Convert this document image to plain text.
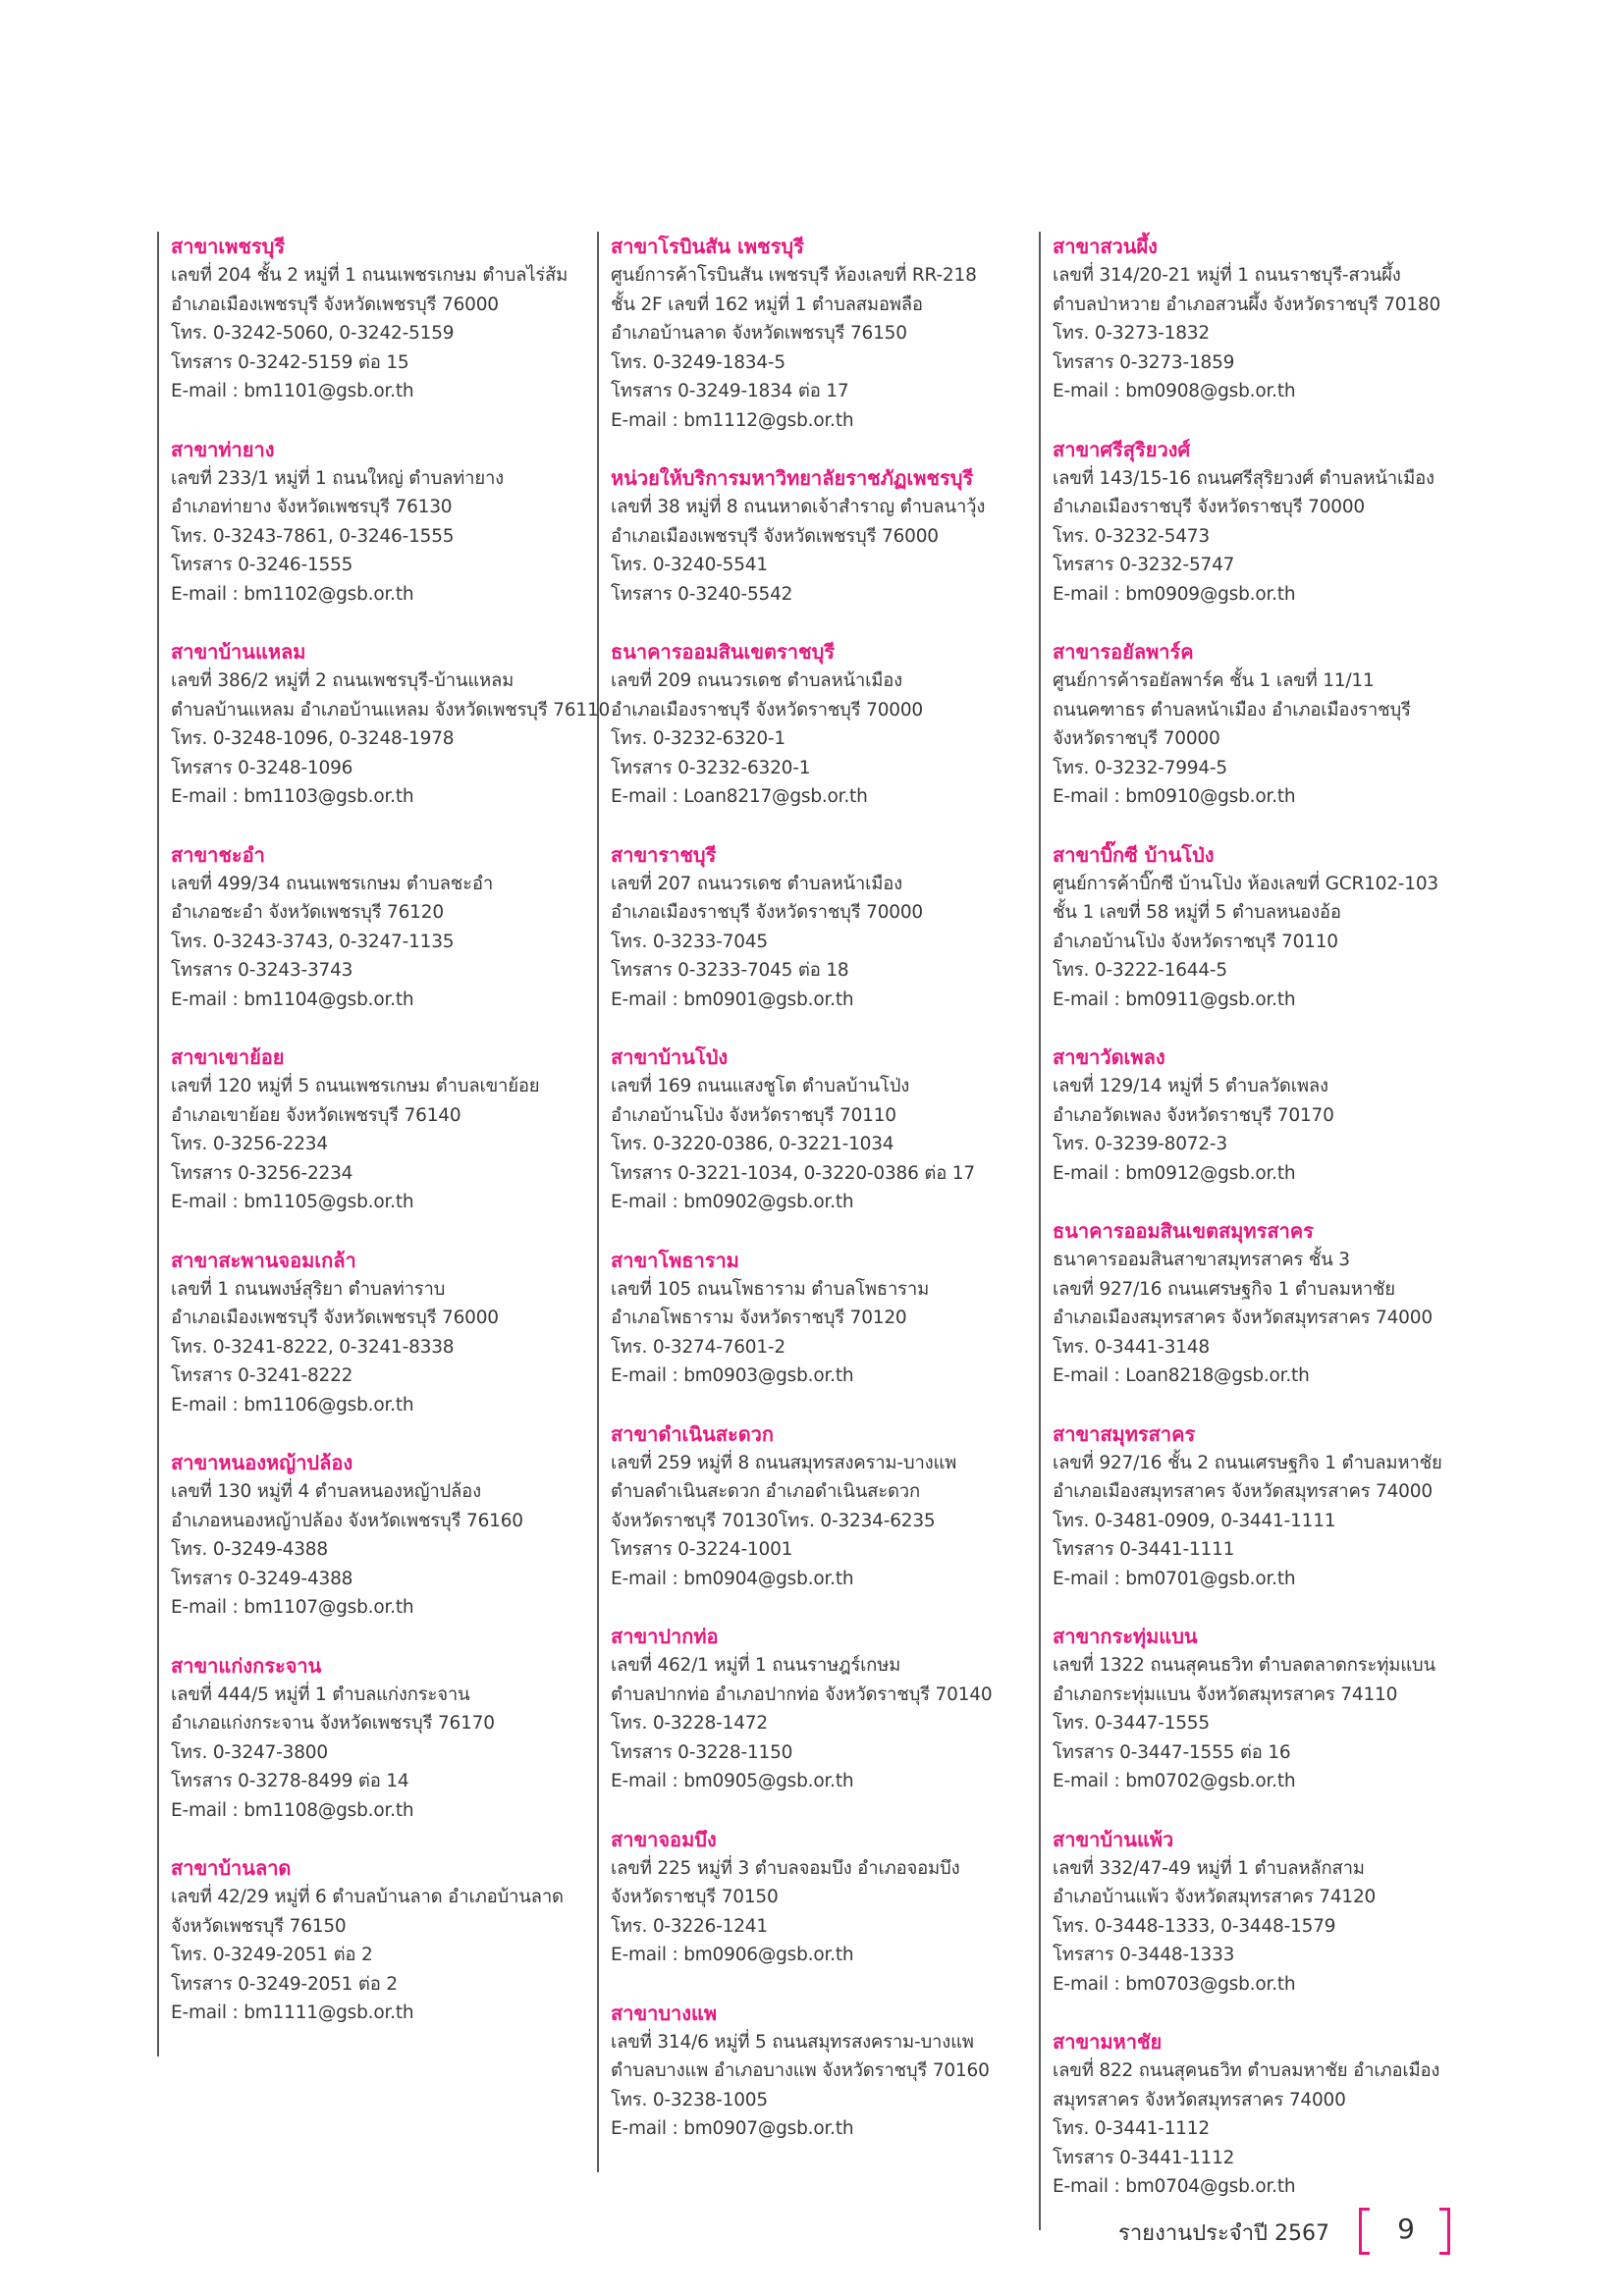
สาขาเพชรบุรี
เลขที่ 204 ชั้น 2 หมู่ที่ 1 ถนนเพชรเกษม ตำบลไร่ส้ม
อำเภอเมืองเพชรบุรี จังหวัดเพชรบุรี 76000
โทร. 0-3242-5060, 0-3242-5159
โทรสาร 0-3242-5159 ต่อ 15
E-mail : bm1101@gsb.or.th
สาขาท่ายาง
เลขที่ 233/1 หมู่ที่ 1 ถนนใหญ่ ตำบลท่ายาง
อำเภอท่ายาง จังหวัดเพชรบุรี 76130
โทร. 0-3243-7861, 0-3246-1555
โทรสาร 0-3246-1555
E-mail : bm1102@gsb.or.th
สาขาบ้านแหลม
เลขที่ 386/2 หมู่ที่ 2 ถนนเพชรบุรี-บ้านแหลม
ตำบลบ้านแหลม อำเภอบ้านแหลม จังหวัดเพชรบุรี 76110
โทร. 0-3248-1096, 0-3248-1978
โทรสาร 0-3248-1096
E-mail : bm1103@gsb.or.th
สาขาชะอำ
เลขที่ 499/34 ถนนเพชรเกษม ตำบลชะอำ
อำเภอชะอำ จังหวัดเพชรบุรี 76120
โทร. 0-3243-3743, 0-3247-1135
โทรสาร 0-3243-3743
E-mail : bm1104@gsb.or.th
สาขาเขาย้อย
เลขที่ 120 หมู่ที่ 5 ถนนเพชรเกษม ตำบลเขาย้อย
อำเภอเขาย้อย จังหวัดเพชรบุรี 76140
โทร. 0-3256-2234
โทรสาร 0-3256-2234
E-mail : bm1105@gsb.or.th
สาขาสะพานจอมเกล้า
เลขที่ 1 ถนนพงษ์สุริยา ตำบลท่าราบ
อำเภอเมืองเพชรบุรี จังหวัดเพชรบุรี 76000
โทร. 0-3241-8222, 0-3241-8338
โทรสาร 0-3241-8222
E-mail : bm1106@gsb.or.th
สาขาหนองหญ้าปล้อง
เลขที่ 130 หมู่ที่ 4 ตำบลหนองหญ้าปล้อง
อำเภอหนองหญ้าปล้อง จังหวัดเพชรบุรี 76160
โทร. 0-3249-4388
โทรสาร 0-3249-4388
E-mail : bm1107@gsb.or.th
สาขาแก่งกระจาน
เลขที่ 444/5 หมู่ที่ 1 ตำบลแก่งกระจาน
อำเภอแก่งกระจาน จังหวัดเพชรบุรี 76170
โทร. 0-3247-3800
โทรสาร 0-3278-8499 ต่อ 14
E-mail : bm1108@gsb.or.th
สาขาบ้านลาด
เลขที่ 42/29 หมู่ที่ 6 ตำบลบ้านลาด อำเภอบ้านลาด
จังหวัดเพชรบุรี 76150
โทร. 0-3249-2051 ต่อ 2
โทรสาร 0-3249-2051 ต่อ 2
E-mail : bm1111@gsb.or.th
สาขาโรบินสัน เพชรบุรี
ศูนย์การค้าโรบินสัน เพชรบุรี ห้องเลขที่ RR-218
ชั้น 2F เลขที่ 162 หมู่ที่ 1 ตำบลสมอพลือ
อำเภอบ้านลาด จังหวัดเพชรบุรี 76150
โทร. 0-3249-1834-5
โทรสาร 0-3249-1834 ต่อ 17
E-mail : bm1112@gsb.or.th
หน่วยให้บริการมหาวิทยาลัยราชภัฏเพชรบุรี
เลขที่ 38 หมู่ที่ 8 ถนนหาดเจ้าสำราญ ตำบลนาวุ้ง
อำเภอเมืองเพชรบุรี จังหวัดเพชรบุรี 76000
โทร. 0-3240-5541
โทรสาร 0-3240-5542
ธนาคารออมสินเขตราชบุรี
เลขที่ 209 ถนนวรเดช ตำบลหน้าเมือง
อำเภอเมืองราชบุรี จังหวัดราชบุรี 70000
โทร. 0-3232-6320-1
โทรสาร 0-3232-6320-1
E-mail : Loan8217@gsb.or.th
สาขาราชบุรี
เลขที่ 207 ถนนวรเดช ตำบลหน้าเมือง
อำเภอเมืองราชบุรี จังหวัดราชบุรี 70000
โทร. 0-3233-7045
โทรสาร 0-3233-7045 ต่อ 18
E-mail : bm0901@gsb.or.th
สาขาบ้านโป่ง
เลขที่ 169 ถนนแสงชูโต ตำบลบ้านโป่ง
อำเภอบ้านโป่ง จังหวัดราชบุรี 70110
โทร. 0-3220-0386, 0-3221-1034
โทรสาร 0-3221-1034, 0-3220-0386 ต่อ 17
E-mail : bm0902@gsb.or.th
สาขาโพธาราม
เลขที่ 105 ถนนโพธาราม ตำบลโพธาราม
อำเภอโพธาราม จังหวัดราชบุรี 70120
โทร. 0-3274-7601-2
E-mail : bm0903@gsb.or.th
สาขาดำเนินสะดวก
เลขที่ 259 หมู่ที่ 8 ถนนสมุทรสงคราม-บางแพ
ตำบลดำเนินสะดวก อำเภอดำเนินสะดวก
จังหวัดราชบุรี 70130โทร. 0-3234-6235
โทรสาร 0-3224-1001
E-mail : bm0904@gsb.or.th
สาขาปากท่อ
เลขที่ 462/1 หมู่ที่ 1 ถนนราษฎร์เกษม
ตำบลปากท่อ อำเภอปากท่อ จังหวัดราชบุรี 70140
โทร. 0-3228-1472
โทรสาร 0-3228-1150
E-mail : bm0905@gsb.or.th
สาขาจอมบึง
เลขที่ 225 หมู่ที่ 3 ตำบลจอมบึง อำเภอจอมบึง
จังหวัดราชบุรี 70150
โทร. 0-3226-1241
E-mail : bm0906@gsb.or.th
สาขาบางแพ
เลขที่ 314/6 หมู่ที่ 5 ถนนสมุทรสงคราม-บางแพ
ตำบลบางแพ อำเภอบางแพ จังหวัดราชบุรี 70160
โทร. 0-3238-1005
E-mail : bm0907@gsb.or.th
สาขาสวนผึ้ง
เลขที่ 314/20-21 หมู่ที่ 1 ถนนราชบุรี-สวนผึ้ง
ตำบลป่าหวาย อำเภอสวนผึ้ง จังหวัดราชบุรี 70180
โทร. 0-3273-1832
โทรสาร 0-3273-1859
E-mail : bm0908@gsb.or.th
สาขาศรีสุริยวงศ์
เลขที่ 143/15-16 ถนนศรีสุริยวงศ์ ตำบลหน้าเมือง
อำเภอเมืองราชบุรี จังหวัดราชบุรี 70000
โทร. 0-3232-5473
โทรสาร 0-3232-5747
E-mail : bm0909@gsb.or.th
สาขารอยัลพาร์ค
ศูนย์การค้ารอยัลพาร์ค ชั้น 1 เลขที่ 11/11
ถนนคฑาธร ตำบลหน้าเมือง อำเภอเมืองราชบุรี
จังหวัดราชบุรี 70000
โทร. 0-3232-7994-5
E-mail : bm0910@gsb.or.th
สาขาบิ๊กซี บ้านโป่ง
ศูนย์การค้าบิ๊กซี บ้านโป่ง ห้องเลขที่ GCR102-103
ชั้น 1 เลขที่ 58 หมู่ที่ 5 ตำบลหนองอ้อ
อำเภอบ้านโป่ง จังหวัดราชบุรี 70110
โทร. 0-3222-1644-5
E-mail : bm0911@gsb.or.th
สาขาวัดเพลง
เลขที่ 129/14 หมู่ที่ 5 ตำบลวัดเพลง
อำเภอวัดเพลง จังหวัดราชบุรี 70170
โทร. 0-3239-8072-3
E-mail : bm0912@gsb.or.th
ธนาคารออมสินเขตสมุทรสาคร
ธนาคารออมสินสาขาสมุทรสาคร ชั้น 3
เลขที่ 927/16 ถนนเศรษฐกิจ 1 ตำบลมหาชัย
อำเภอเมืองสมุทรสาคร จังหวัดสมุทรสาคร 74000
โทร. 0-3441-3148
E-mail : Loan8218@gsb.or.th
สาขาสมุทรสาคร
เลขที่ 927/16 ชั้น 2 ถนนเศรษฐกิจ 1 ตำบลมหาชัย
อำเภอเมืองสมุทรสาคร จังหวัดสมุทรสาคร 74000
โทร. 0-3481-0909, 0-3441-1111
โทรสาร 0-3441-1111
E-mail : bm0701@gsb.or.th
สาขากระทุ่มแบน
เลขที่ 1322 ถนนสุคนธวิท ตำบลตลาดกระทุ่มแบน
อำเภอกระทุ่มแบน จังหวัดสมุทรสาคร 74110
โทร. 0-3447-1555
โทรสาร 0-3447-1555 ต่อ 16
E-mail : bm0702@gsb.or.th
สาขาบ้านแพ้ว
เลขที่ 332/47-49 หมู่ที่ 1 ตำบลหลักสาม
อำเภอบ้านแพ้ว จังหวัดสมุทรสาคร 74120
โทร. 0-3448-1333, 0-3448-1579
โทรสาร 0-3448-1333
E-mail : bm0703@gsb.or.th
สาขามหาชัย
เลขที่ 822 ถนนสุคนธวิท ตำบลมหาชัย อำเภอเมือง
สมุทรสาคร จังหวัดสมุทรสาคร 74000
โทร. 0-3441-1112
โทรสาร 0-3441-1112
E-mail : bm0704@gsb.or.th
รายงานประจำปี 2567	9
